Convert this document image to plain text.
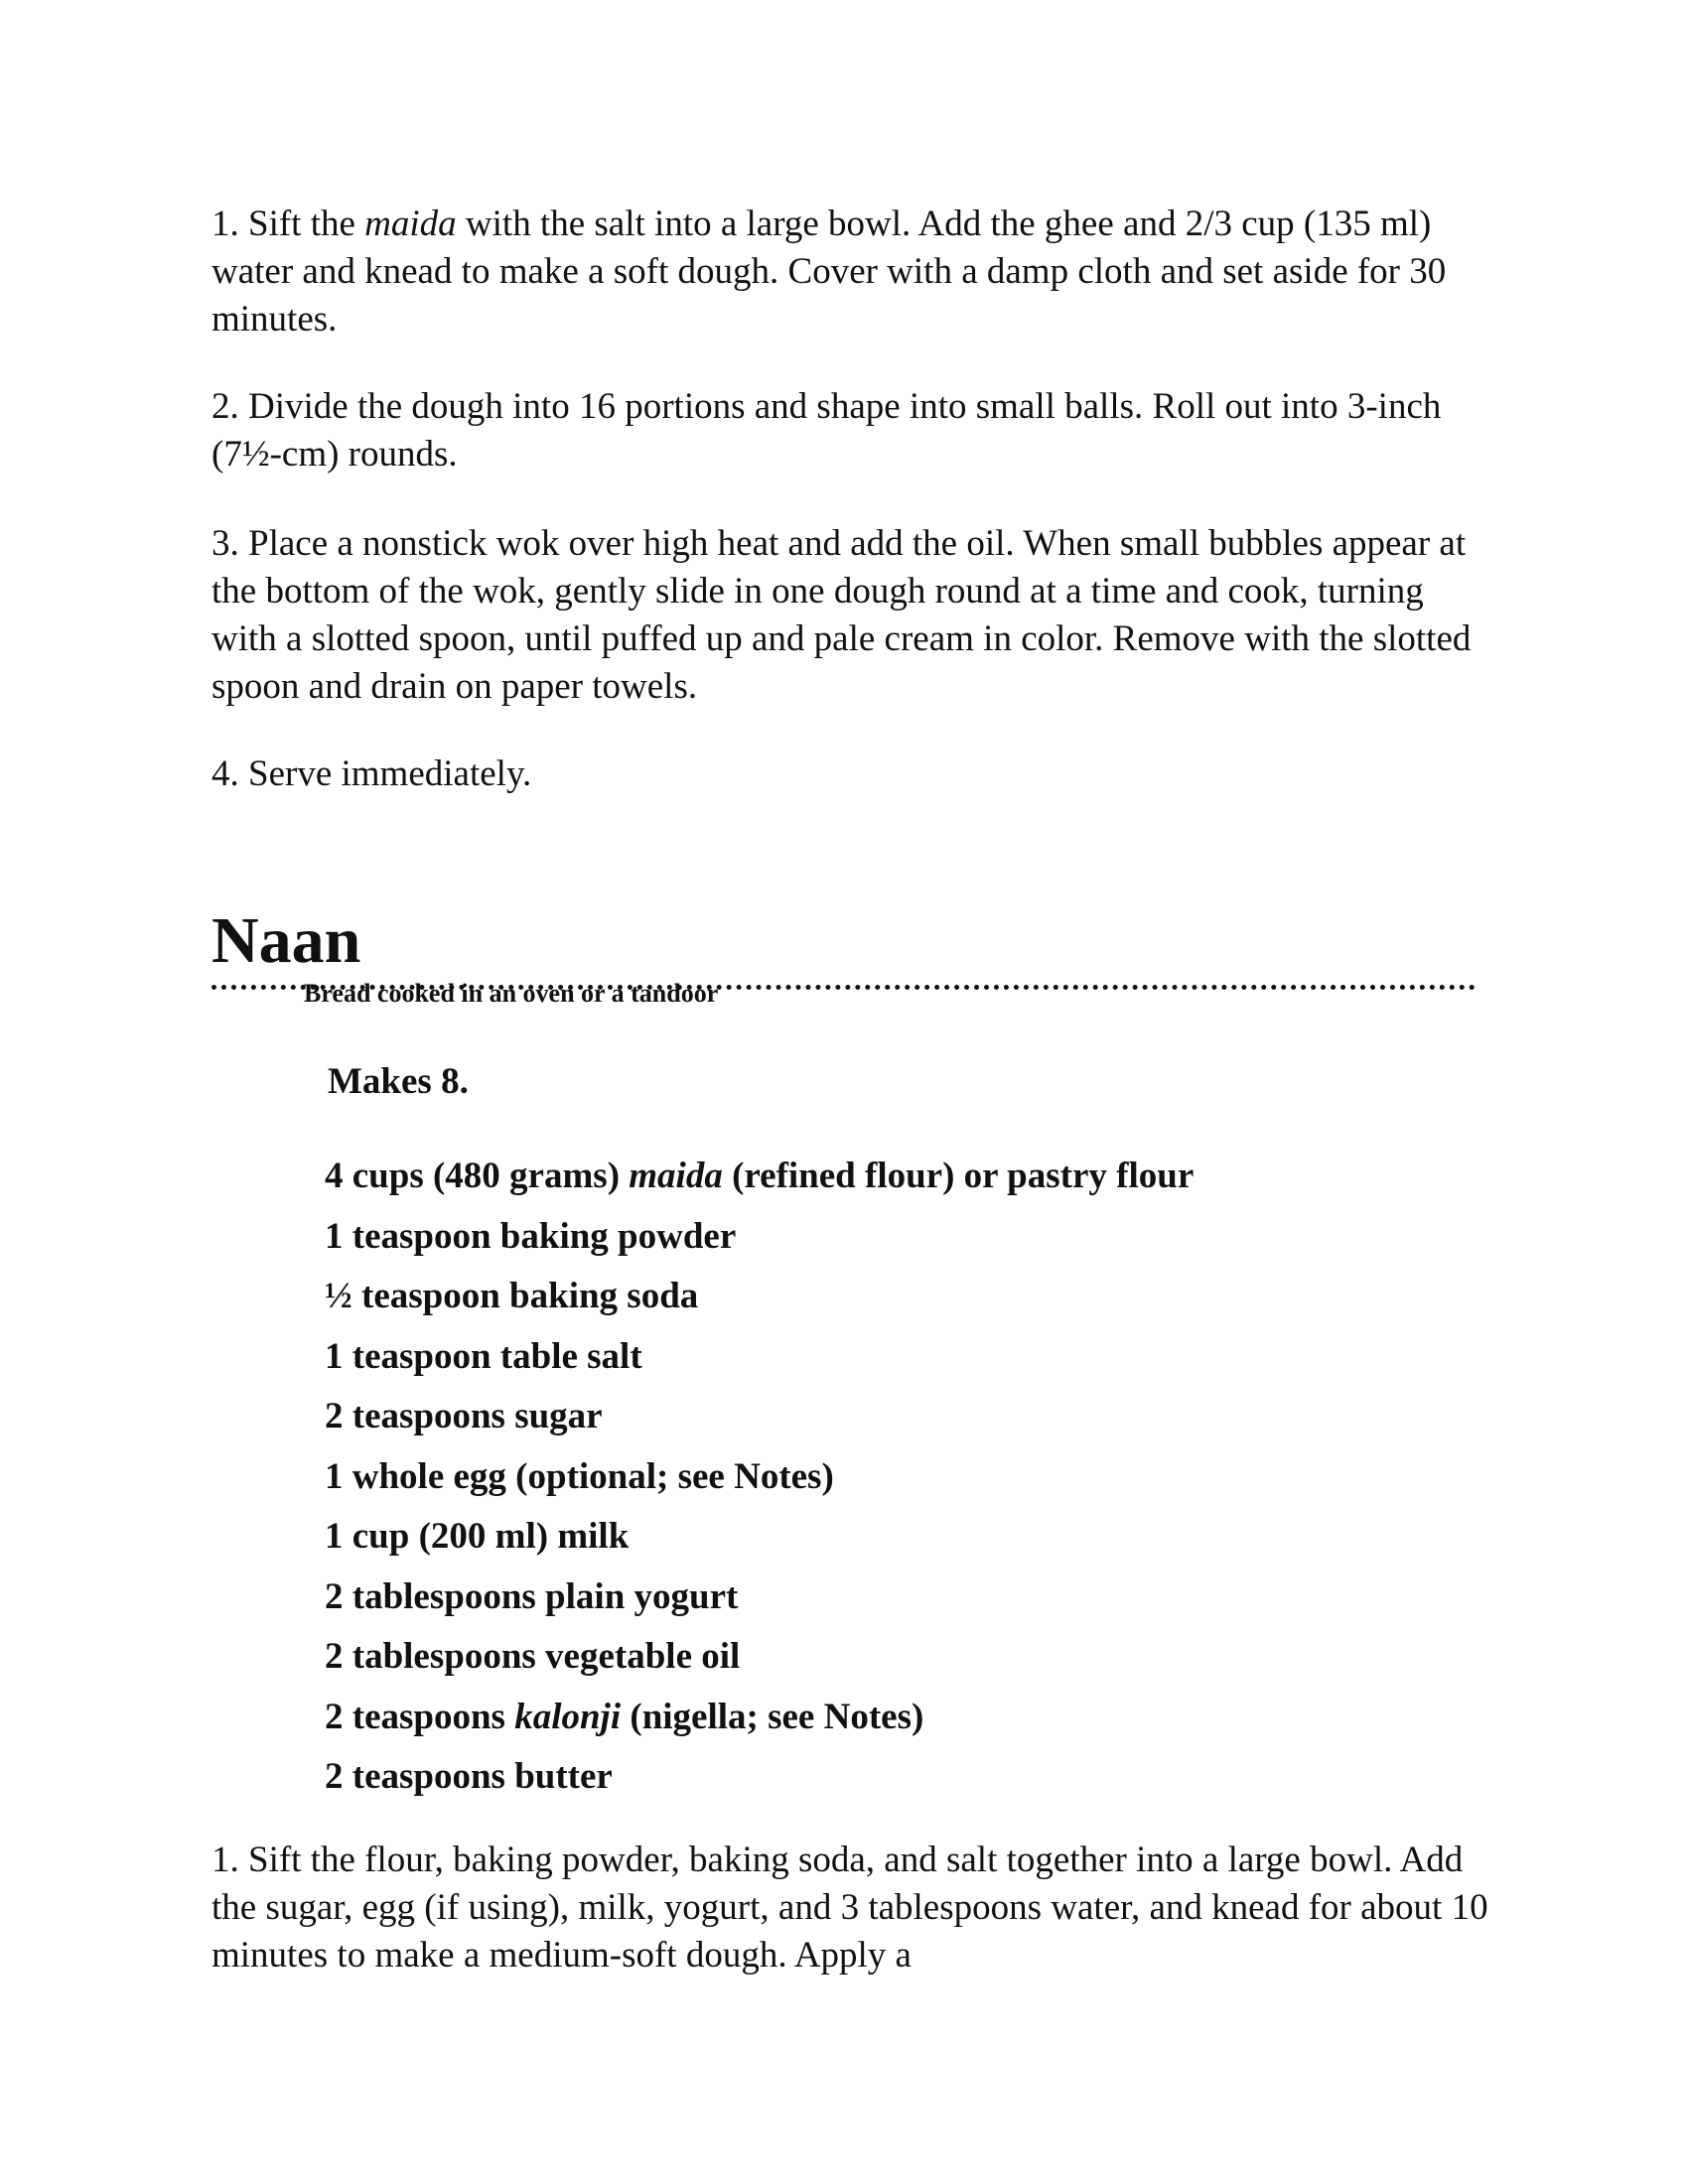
1. Sift the maida with the salt into a large bowl. Add the ghee and 2/3 cup (135 ml) water and knead to make a soft dough. Cover with a damp cloth and set aside for 30 minutes.

2. Divide the dough into 16 portions and shape into small balls. Roll out into 3-inch (7½-cm) rounds.

3. Place a nonstick wok over high heat and add the oil. When small bubbles appear at the bottom of the wok, gently slide in one dough round at a time and cook, turning with a slotted spoon, until puffed up and pale cream in color. Remove with the slotted spoon and drain on paper towels.

4. Serve immediately.

Naan

Bread cooked in an oven or a tandoor

Makes 8.

4 cups (480 grams) maida (refined flour) or pastry flour
1 teaspoon baking powder
½ teaspoon baking soda
1 teaspoon table salt
2 teaspoons sugar
1 whole egg (optional; see Notes)
1 cup (200 ml) milk
2 tablespoons plain yogurt
2 tablespoons vegetable oil
2 teaspoons kalonji (nigella; see Notes)
2 teaspoons butter

1. Sift the flour, baking powder, baking soda, and salt together into a large bowl. Add the sugar, egg (if using), milk, yogurt, and 3 tablespoons water, and knead for about 10 minutes to make a medium-soft dough. Apply a
